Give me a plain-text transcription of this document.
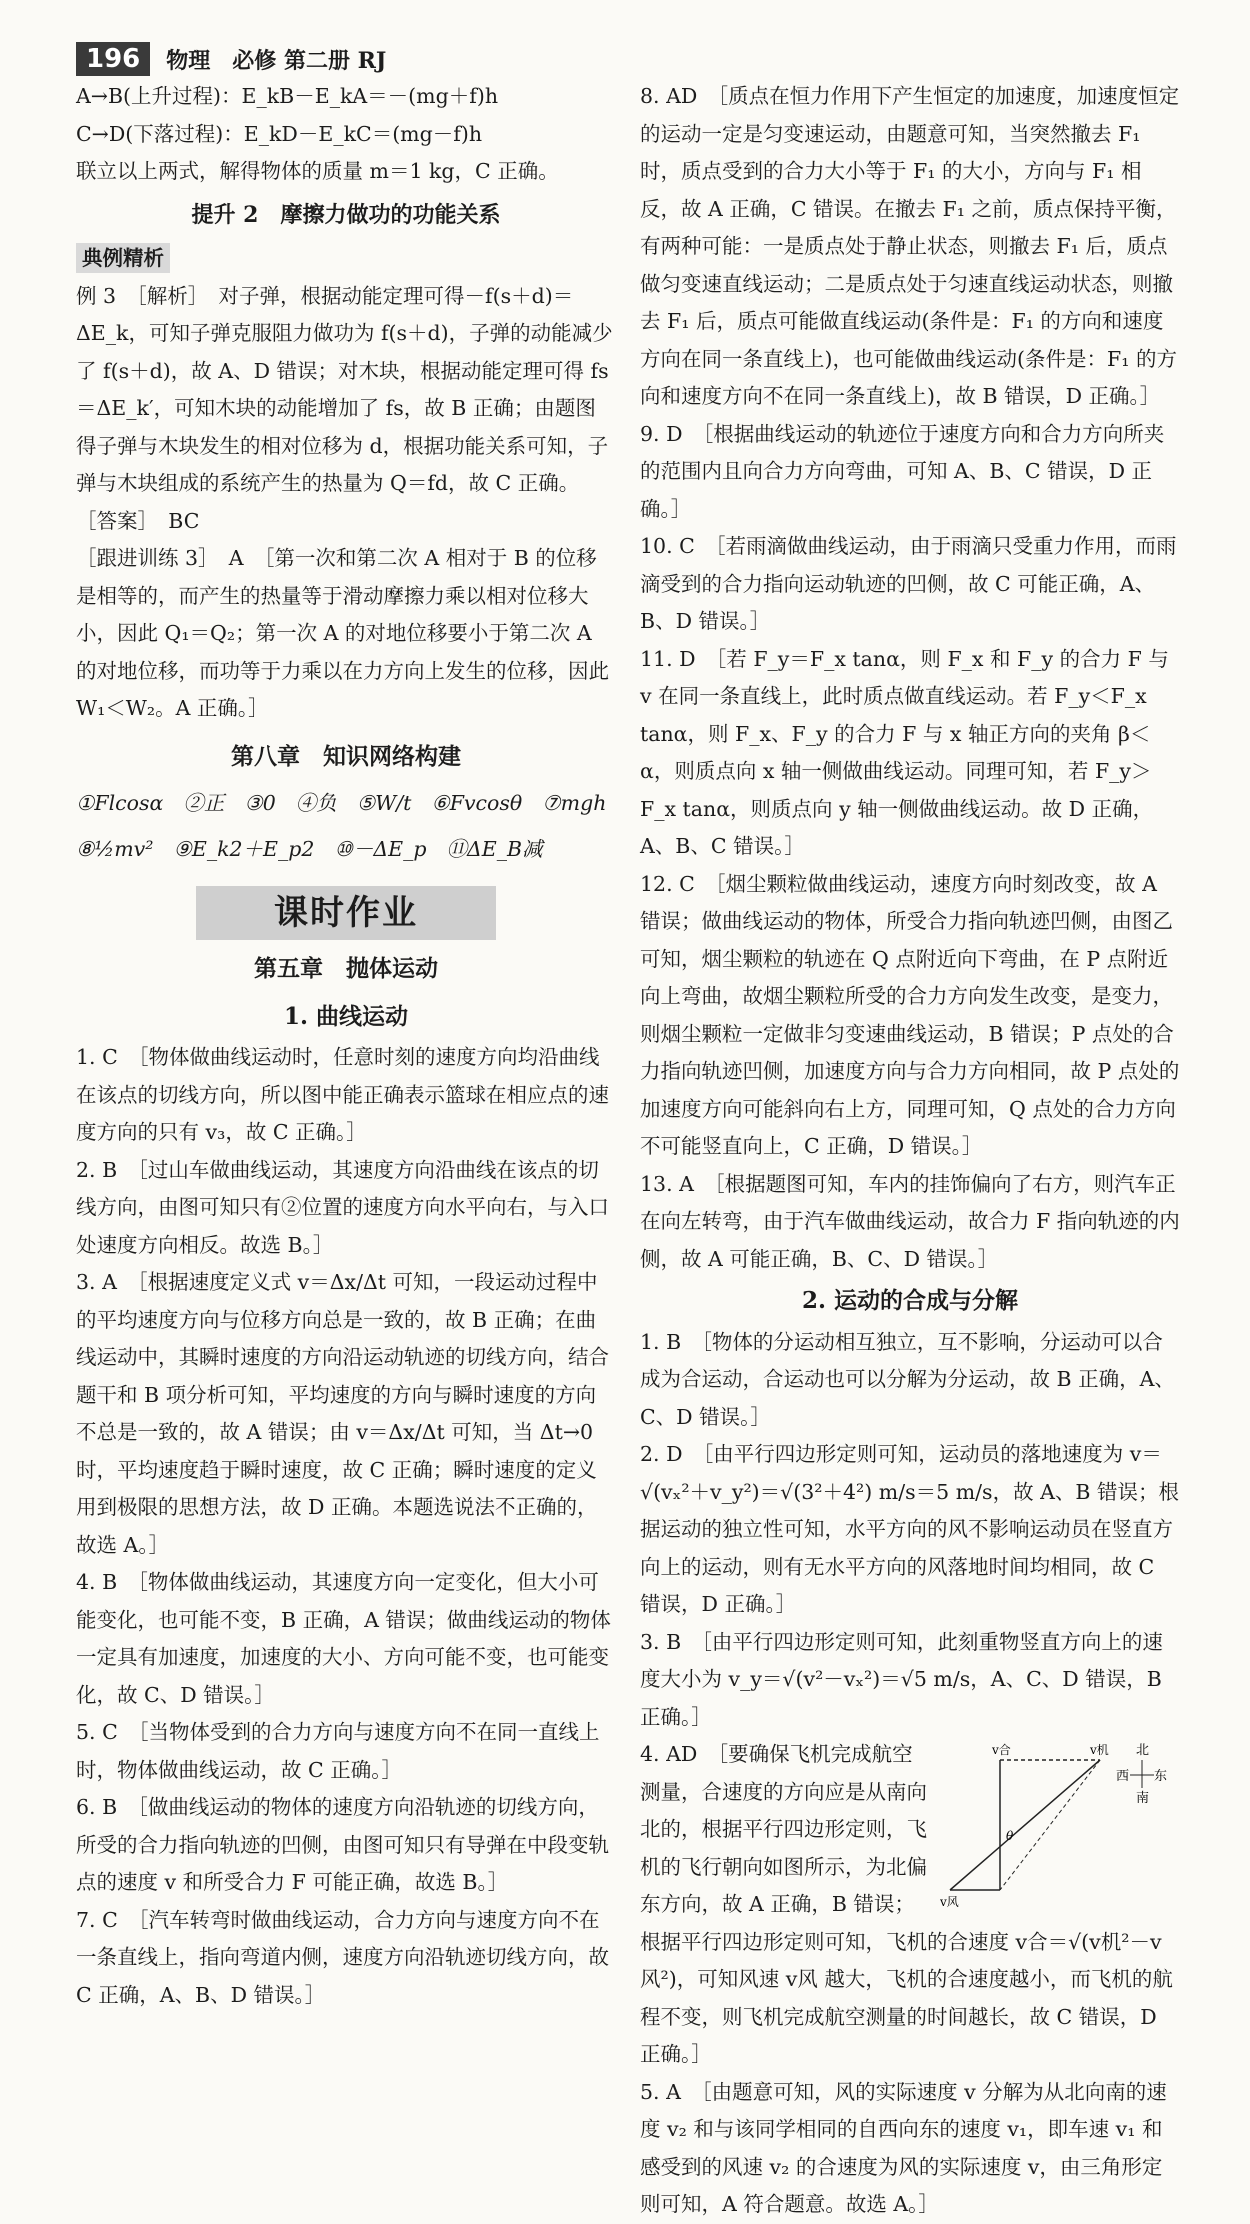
196	物理　必修 第二册 RJ

A→B(上升过程)：E_kB－E_kA＝－(mg＋f)h

C→D(下落过程)：E_kD－E_kC＝(mg－f)h

联立以上两式，解得物体的质量 m＝1 kg，C 正确。

提升 2　摩擦力做功的功能关系
典例精析

例 3　［解析］　对子弹，根据动能定理可得－f(s＋d)＝ΔE_k，可知子弹克服阻力做功为 f(s＋d)，子弹的动能减少了 f(s＋d)，故 A、D 错误；对木块，根据动能定理可得 fs＝ΔE_k′，可知木块的动能增加了 fs，故 B 正确；由题图得子弹与木块发生的相对位移为 d，根据功能关系可知，子弹与木块组成的系统产生的热量为 Q＝fd，故 C 正确。

［答案］　BC

［跟进训练 3］　A　［第一次和第二次 A 相对于 B 的位移是相等的，而产生的热量等于滑动摩擦力乘以相对位移大小，因此 Q₁＝Q₂；第一次 A 的对地位移要小于第二次 A 的对地位移，而功等于力乘以在力方向上发生的位移，因此 W₁＜W₂。A 正确。］

第八章　知识网络构建
①Flcosα ②正 ③0 ④负 ⑤W/t ⑥Fvcosθ ⑦mgh
⑧½mv² ⑨E_k2＋E_p2 ⑩－ΔE_p ⑪ΔE_B减
课时作业
第五章　抛体运动
1. 曲线运动

1. C　［物体做曲线运动时，任意时刻的速度方向均沿曲线在该点的切线方向，所以图中能正确表示篮球在相应点的速度方向的只有 v₃，故 C 正确。］

2. B　［过山车做曲线运动，其速度方向沿曲线在该点的切线方向，由图可知只有②位置的速度方向水平向右，与入口处速度方向相反。故选 B。］

3. A　［根据速度定义式 v＝Δx/Δt 可知，一段运动过程中的平均速度方向与位移方向总是一致的，故 B 正确；在曲线运动中，其瞬时速度的方向沿运动轨迹的切线方向，结合题干和 B 项分析可知，平均速度的方向与瞬时速度的方向不总是一致的，故 A 错误；由 v＝Δx/Δt 可知，当 Δt→0 时，平均速度趋于瞬时速度，故 C 正确；瞬时速度的定义用到极限的思想方法，故 D 正确。本题选说法不正确的，故选 A。］

4. B　［物体做曲线运动，其速度方向一定变化，但大小可能变化，也可能不变，B 正确，A 错误；做曲线运动的物体一定具有加速度，加速度的大小、方向可能不变，也可能变化，故 C、D 错误。］

5. C　［当物体受到的合力方向与速度方向不在同一直线上时，物体做曲线运动，故 C 正确。］

6. B　［做曲线运动的物体的速度方向沿轨迹的切线方向，所受的合力指向轨迹的凹侧，由图可知只有导弹在中段变轨点的速度 v 和所受合力 F 可能正确，故选 B。］

7. C　［汽车转弯时做曲线运动，合力方向与速度方向不在一条直线上，指向弯道内侧，速度方向沿轨迹切线方向，故 C 正确，A、B、D 错误。］

8. AD　［质点在恒力作用下产生恒定的加速度，加速度恒定的运动一定是匀变速运动，由题意可知，当突然撤去 F₁ 时，质点受到的合力大小等于 F₁ 的大小，方向与 F₁ 相反，故 A 正确，C 错误。在撤去 F₁ 之前，质点保持平衡，有两种可能：一是质点处于静止状态，则撤去 F₁ 后，质点做匀变速直线运动；二是质点处于匀速直线运动状态，则撤去 F₁ 后，质点可能做直线运动(条件是：F₁ 的方向和速度方向在同一条直线上)，也可能做曲线运动(条件是：F₁ 的方向和速度方向不在同一条直线上)，故 B 错误，D 正确。］

9. D　［根据曲线运动的轨迹位于速度方向和合力方向所夹的范围内且向合力方向弯曲，可知 A、B、C 错误，D 正确。］

10. C　［若雨滴做曲线运动，由于雨滴只受重力作用，而雨滴受到的合力指向运动轨迹的凹侧，故 C 可能正确，A、B、D 错误。］

11. D　［若 F_y＝F_x tanα，则 F_x 和 F_y 的合力 F 与 v 在同一条直线上，此时质点做直线运动。若 F_y＜F_x tanα，则 F_x、F_y 的合力 F 与 x 轴正方向的夹角 β＜α，则质点向 x 轴一侧做曲线运动。同理可知，若 F_y＞F_x tanα，则质点向 y 轴一侧做曲线运动。故 D 正确，A、B、C 错误。］

12. C　［烟尘颗粒做曲线运动，速度方向时刻改变，故 A 错误；做曲线运动的物体，所受合力指向轨迹凹侧，由图乙可知，烟尘颗粒的轨迹在 Q 点附近向下弯曲，在 P 点附近向上弯曲，故烟尘颗粒所受的合力方向发生改变，是变力，则烟尘颗粒一定做非匀变速曲线运动，B 错误；P 点处的合力指向轨迹凹侧，加速度方向与合力方向相同，故 P 点处的加速度方向可能斜向右上方，同理可知，Q 点处的合力方向不可能竖直向上，C 正确，D 错误。］

13. A　［根据题图可知，车内的挂饰偏向了右方，则汽车正在向左转弯，由于汽车做曲线运动，故合力 F 指向轨迹的内侧，故 A 可能正确，B、C、D 错误。］

2. 运动的合成与分解

1. B　［物体的分运动相互独立，互不影响，分运动可以合成为合运动，合运动也可以分解为分运动，故 B 正确，A、C、D 错误。］

2. D　［由平行四边形定则可知，运动员的落地速度为 v＝√(vₓ²＋v_y²)＝√(3²＋4²) m/s＝5 m/s，故 A、B 错误；根据运动的独立性可知，水平方向的风不影响运动员在竖直方向上的运动，则有无水平方向的风落地时间均相同，故 C 错误，D 正确。］

3. B　［由平行四边形定则可知，此刻重物竖直方向上的速度大小为 v_y＝√(v²－vₓ²)＝√5 m/s，A、C、D 错误，B 正确。］

v合	v机
v风
θ
北
南
西 东

4. AD　［要确保飞机完成航空测量，合速度的方向应是从南向北的，根据平行四边形定则，飞机的飞行朝向如图所示，为北偏东方向，故 A 正确，B 错误；根据平行四边形定则可知，飞机的合速度 v合＝√(v机²－v风²)，可知风速 v风 越大，飞机的合速度越小，而飞机的航程不变，则飞机完成航空测量的时间越长，故 C 错误，D 正确。］

5. A　［由题意可知，风的实际速度 v 分解为从北向南的速度 v₂ 和与该同学相同的自西向东的速度 v₁，即车速 v₁ 和感受到的风速 v₂ 的合速度为风的实际速度 v，由三角形定则可知，A 符合题意。故选 A。］
